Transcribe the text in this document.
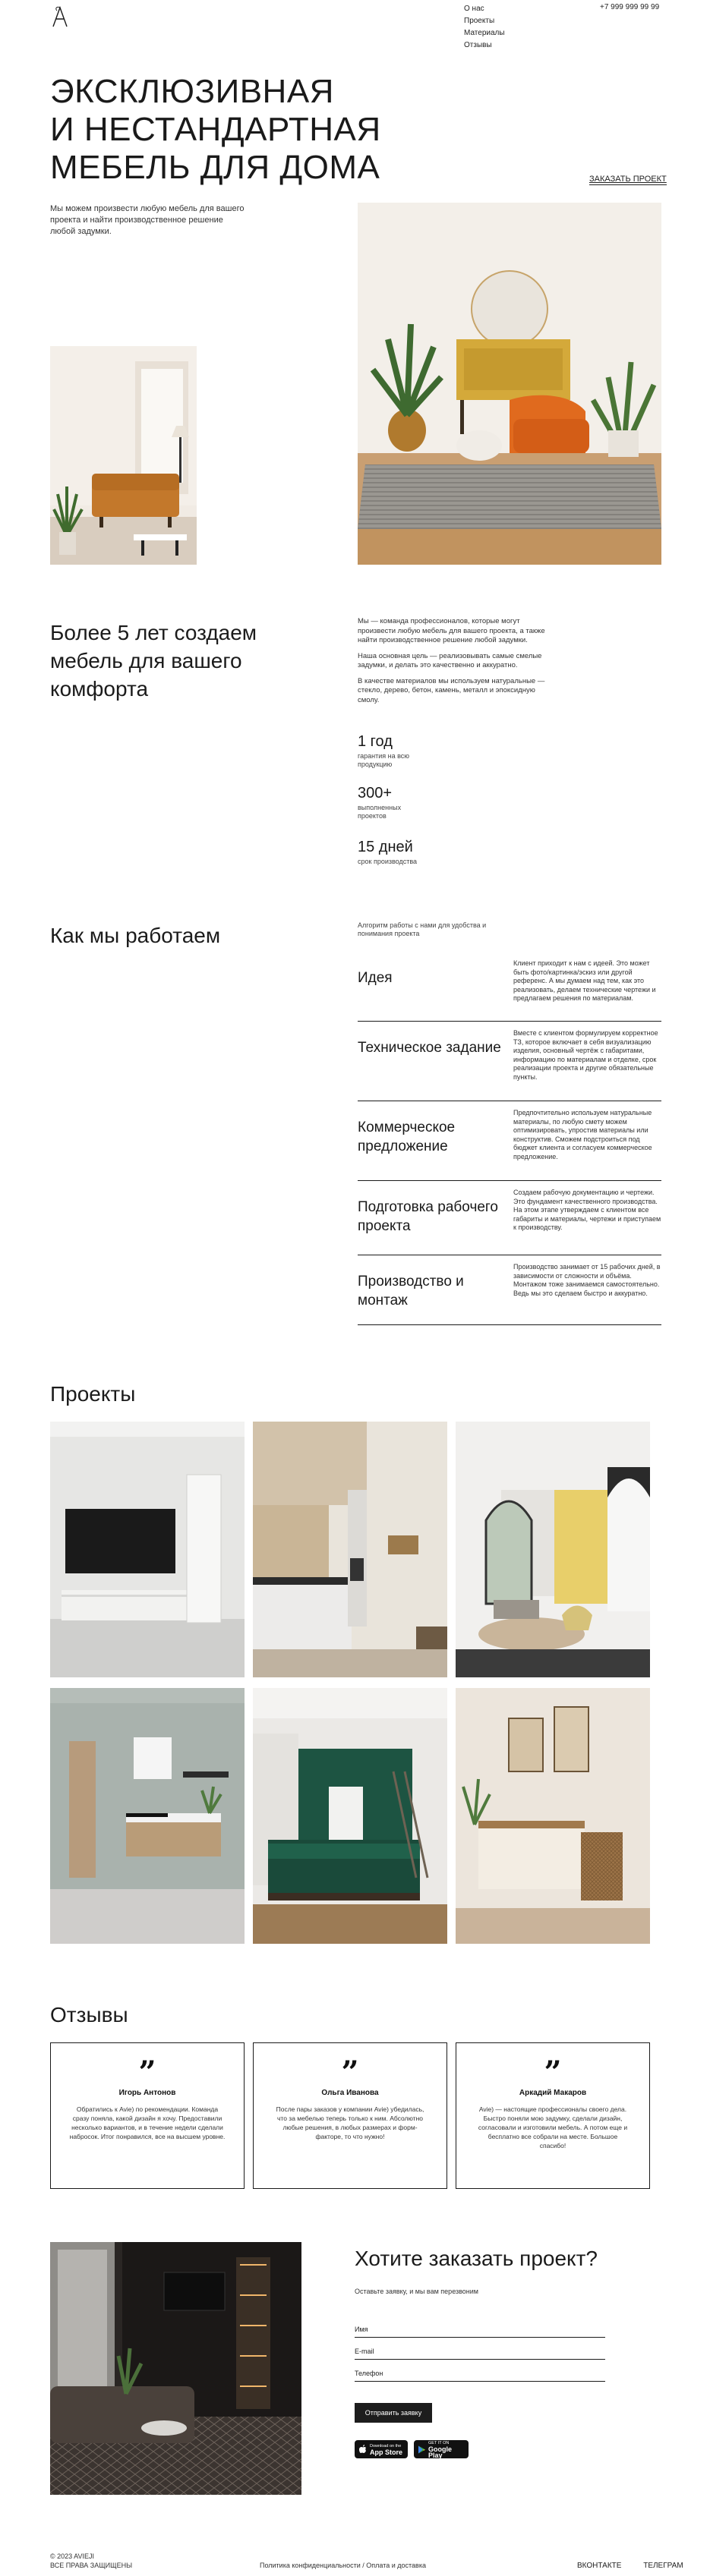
О нас
Проекты
Материалы
Отзывы
+7 999 999 99 99
ЭКСКЛЮЗИВНАЯ
И НЕСТАНДАРТНАЯ
МЕБЕЛЬ ДЛЯ ДОМА	ЗАКАЗАТЬ ПРОЕКТ

Мы можем произвести любую мебель для вашего проекта и найти производственное решение любой задумки.

Более 5 лет создаем мебель для вашего комфорта

Мы — команда профессионалов, которые могут произвести любую мебель для вашего проекта, а также найти производственное решение любой задумки.

Наша основная цель — реализовывать самые смелые задумки, и делать это качественно и аккуратно.

В качестве материалов мы используем натуральные — стекло, дерево, бетон, камень, металл и эпоксидную смолу.

1 год
гарантия на всю продукцию
300+
выполненных проектов
15 дней
срок производства
Как мы работаем	Алгоритм работы с нами для удобства и понимания проекта

Идея
Клиент приходит к нам с идеей. Это может быть фото/картинка/эскиз или другой референс. А мы думаем над тем, как это реализовать, делаем технические чертежи и предлагаем решения по материалам.
Техническое задание
Вместе с клиентом формулируем корректное ТЗ, которое включает в себя визуализацию изделия, основный чертёж с габаритами, информацию по материалам и отделке, срок реализации проекта и другие обязательные пункты.
Коммерческое предложение
Предпочтительно используем натуральные материалы, по любую смету можем оптимизировать, упростив материалы или конструктив. Сможем подстроиться под бюджет клиента и согласуем коммерческое предложение.
Подготовка рабочего проекта
Создаем рабочую документацию и чертежи. Это фундамент качественного производства. На этом этапе утверждаем с клиентом все габариты и материалы, чертежи и приступаем к производству.
Производство и монтаж
Производство занимает от 15 рабочих дней, в зависимости от сложности и объёма. Монтажом тоже занимаемся самостоятельно. Ведь мы это сделаем быстро и аккуратно.
Проекты
Отзывы
”
Игорь Антонов
Обратились к Avie) по рекомендации. Команда сразу поняла, какой дизайн я хочу. Предоставили несколько вариантов, и в течение недели сделали набросок. Итог понравился, все на высшем уровне.
”
Ольга Иванова
После пары заказов у компании Avie) убедилась, что за мебелью теперь только к ним. Абсолютно любые решения, в любых размерах и форм-факторе, то что нужно!
”
Аркадий Макаров
Avie) — настоящие профессионалы своего дела. Быстро поняли мою задумку, сделали дизайн, согласовали и изготовили мебель. А потом еще и бесплатно все собрали на месте. Большое спасибо!
Хотите заказать проект?

Оставьте заявку, и мы вам перезвоним

Имя
E-mail
Телефон
Отправить заявку
Download on the
App Store
GET IT ON
Google Play
© 2023 AVIEJI
ВСЕ ПРАВА ЗАЩИЩЕНЫ	Политика конфиденциальности / Оплата и доставка	ВКОНТАКТЕ	ТЕЛЕГРАМ
